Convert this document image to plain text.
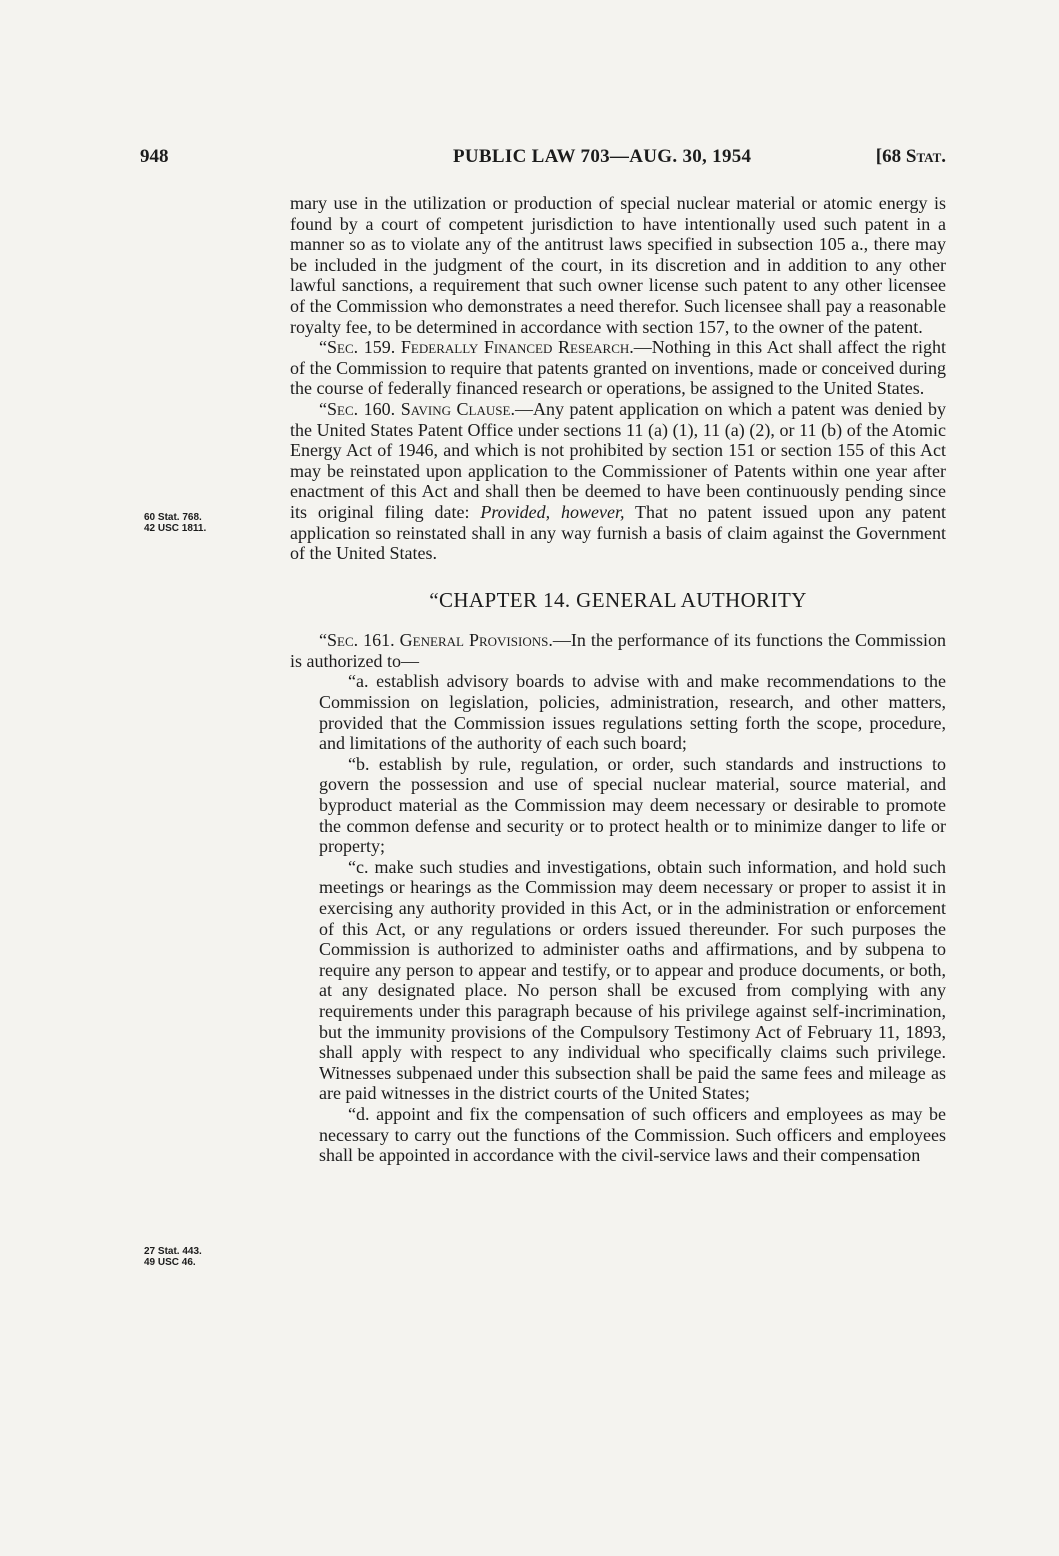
948	PUBLIC LAW 703—AUG. 30, 1954	[68 Stat.
60 Stat. 768.
42 USC 1811.
27 Stat. 443.
49 USC 46.

mary use in the utilization or production of special nuclear material or atomic energy is found by a court of competent jurisdiction to have intentionally used such patent in a manner so as to violate any of the antitrust laws specified in subsection 105 a., there may be included in the judgment of the court, in its discretion and in addition to any other lawful sanctions, a requirement that such owner license such patent to any other licensee of the Commission who demonstrates a need therefor. Such licensee shall pay a reasonable royalty fee, to be determined in accordance with section 157, to the owner of the patent.

“Sec. 159. Federally Financed Research.—Nothing in this Act shall affect the right of the Commission to require that patents granted on inventions, made or conceived during the course of federally financed research or operations, be assigned to the United States.

“Sec. 160. Saving Clause.—Any patent application on which a patent was denied by the United States Patent Office under sections 11 (a) (1), 11 (a) (2), or 11 (b) of the Atomic Energy Act of 1946, and which is not prohibited by section 151 or section 155 of this Act may be reinstated upon application to the Commissioner of Patents within one year after enactment of this Act and shall then be deemed to have been continuously pending since its original filing date: Provided, however, That no patent issued upon any patent application so reinstated shall in any way furnish a basis of claim against the Government of the United States.

“CHAPTER 14. GENERAL AUTHORITY

“Sec. 161. General Provisions.—In the performance of its functions the Commission is authorized to—

“a. establish advisory boards to advise with and make recommendations to the Commission on legislation, policies, administration, research, and other matters, provided that the Commission issues regulations setting forth the scope, procedure, and limitations of the authority of each such board;

“b. establish by rule, regulation, or order, such standards and instructions to govern the possession and use of special nuclear material, source material, and byproduct material as the Commission may deem necessary or desirable to promote the common defense and security or to protect health or to minimize danger to life or property;

“c. make such studies and investigations, obtain such information, and hold such meetings or hearings as the Commission may deem necessary or proper to assist it in exercising any authority provided in this Act, or in the administration or enforcement of this Act, or any regulations or orders issued thereunder. For such purposes the Commission is authorized to administer oaths and affirmations, and by subpena to require any person to appear and testify, or to appear and produce documents, or both, at any designated place. No person shall be excused from complying with any requirements under this paragraph because of his privilege against self-incrimination, but the immunity provisions of the Compulsory Testimony Act of February 11, 1893, shall apply with respect to any individual who specifically claims such privilege. Witnesses subpenaed under this subsection shall be paid the same fees and mileage as are paid witnesses in the district courts of the United States;

“d. appoint and fix the compensation of such officers and employees as may be necessary to carry out the functions of the Commission. Such officers and employees shall be appointed in accordance with the civil-service laws and their compensation
